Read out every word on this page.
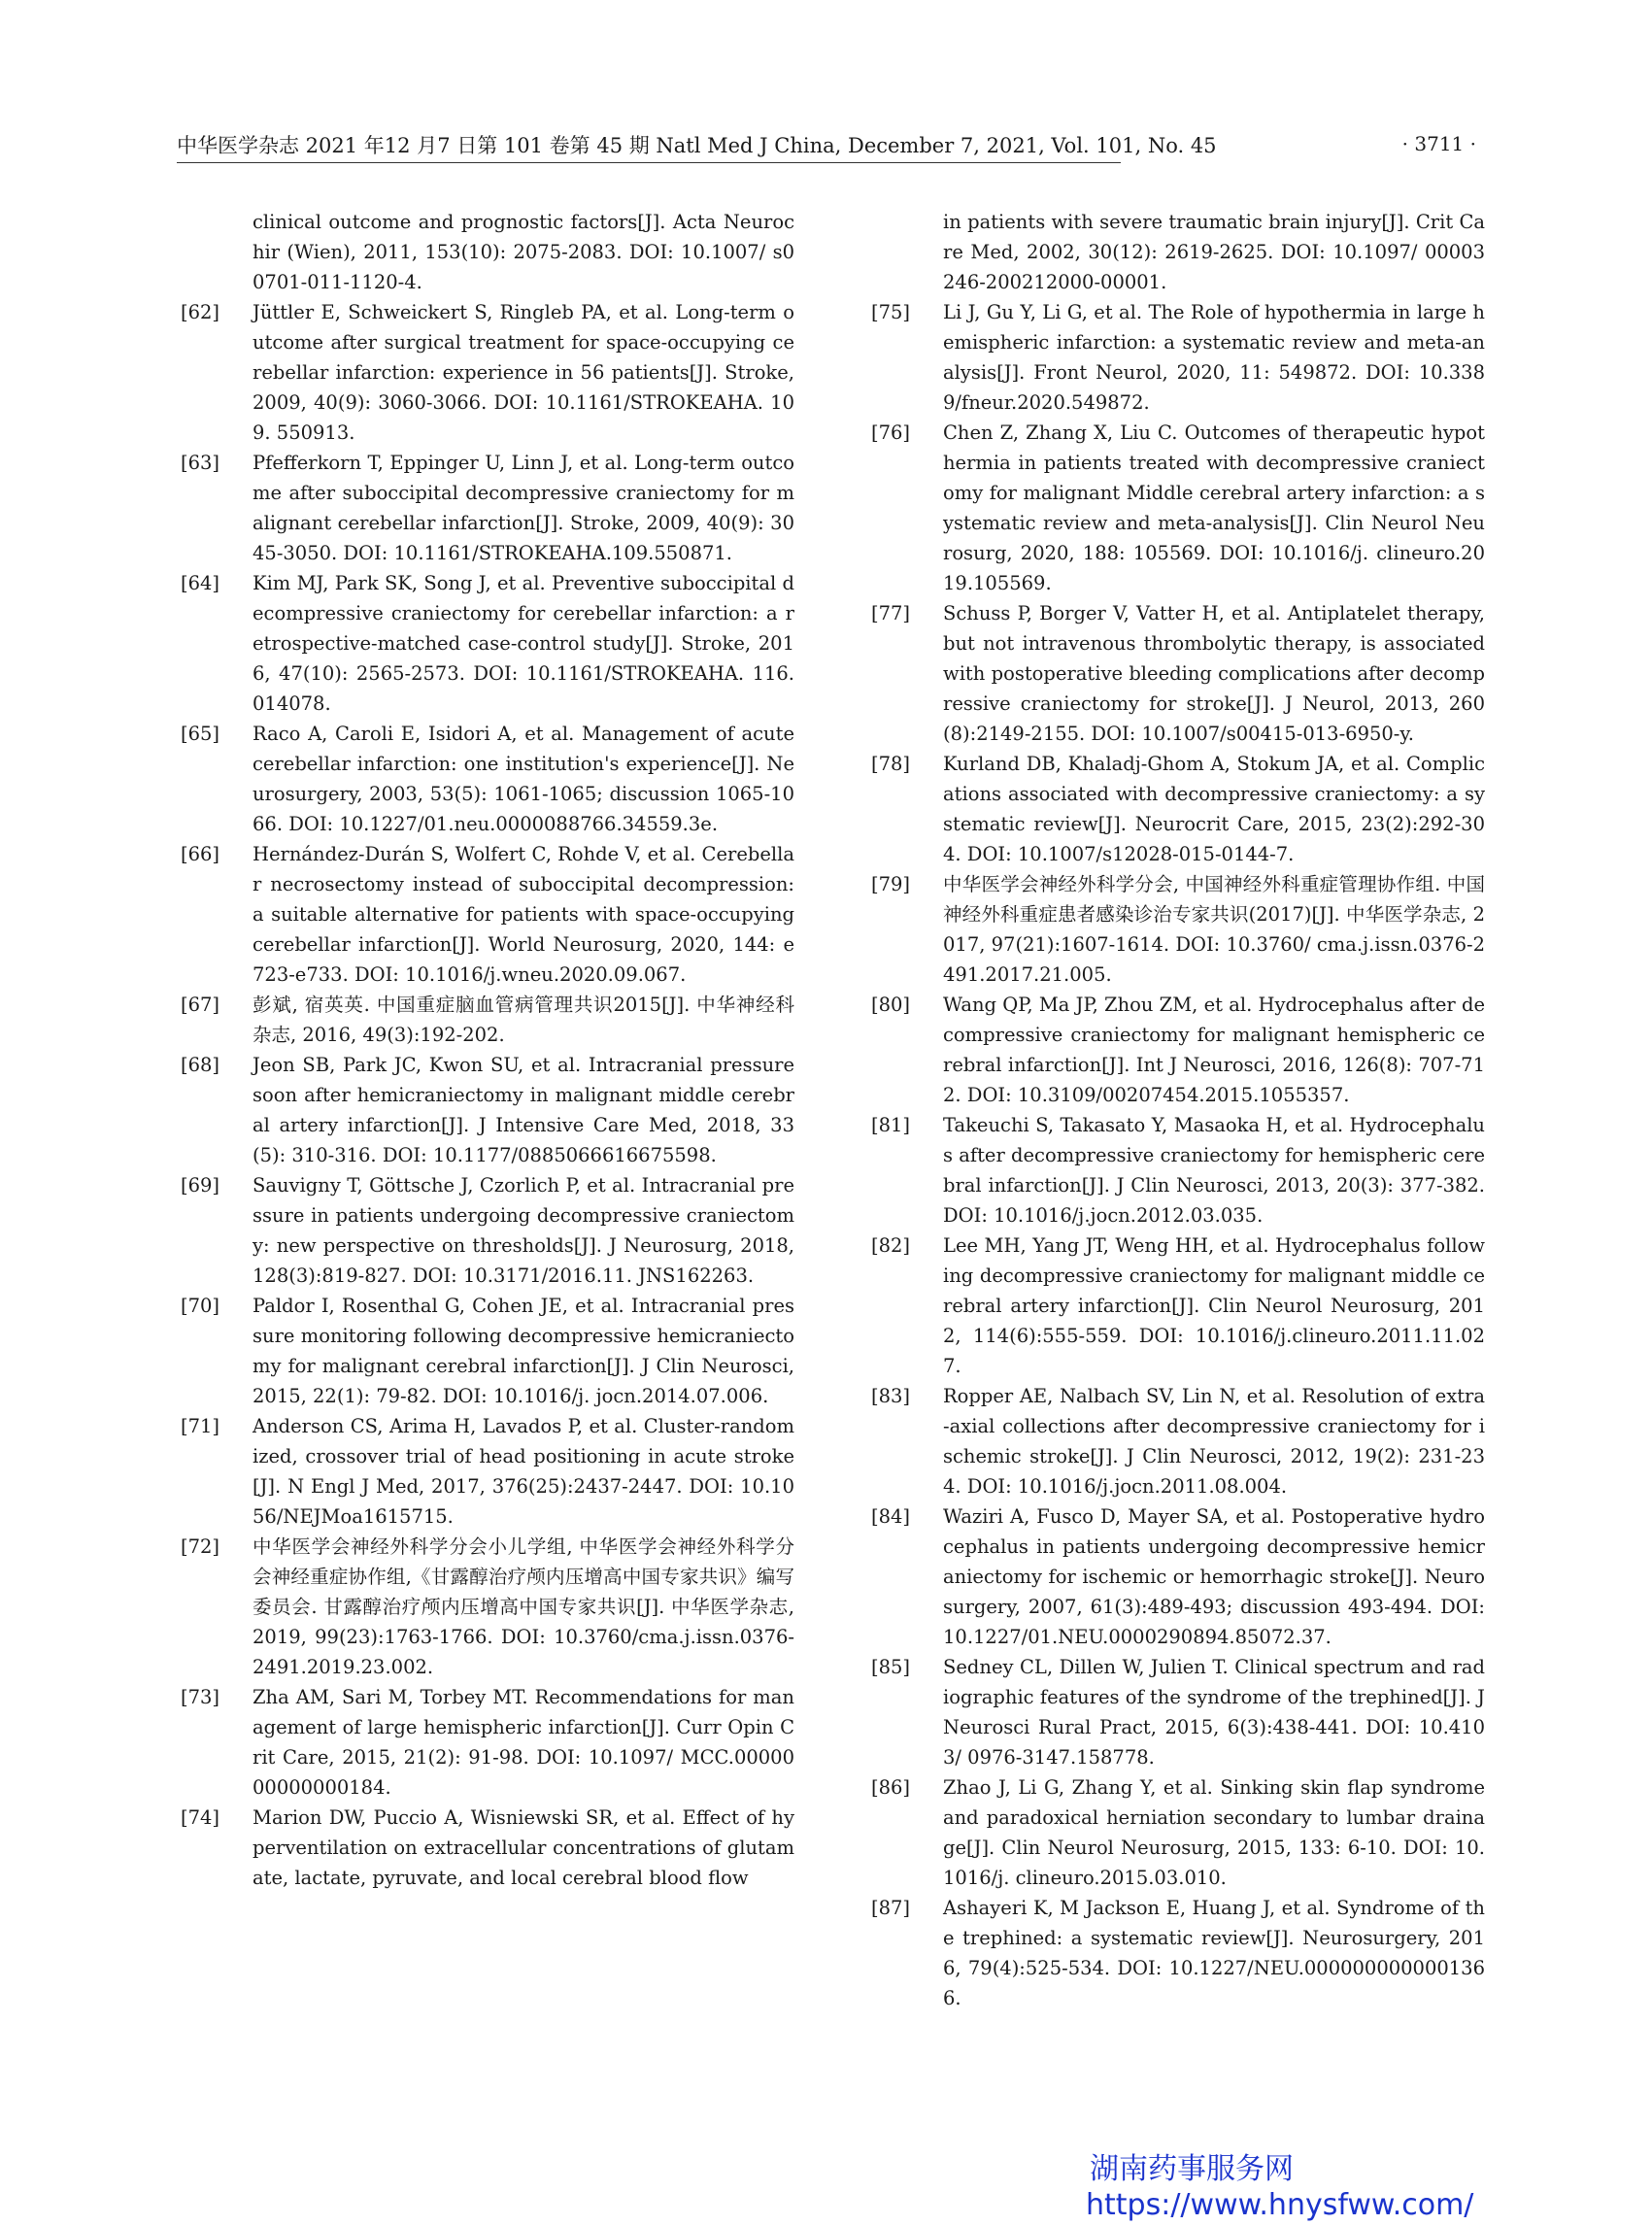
中华医学杂志 2021 年12 月7 日第 101 卷第 45 期 Natl Med J China, December 7, 2021, Vol. 101, No. 45	· 3711 ·
clinical outcome and prognostic factors[J]. Acta Neurochir (Wien), 2011, 153(10): 2075-2083. DOI: 10.1007/ s00701-011-1120-4.
[62]	Jüttler E, Schweickert S, Ringleb PA, et al. Long-term outcome after surgical treatment for space-occupying cerebellar infarction: experience in 56 patients[J]. Stroke, 2009, 40(9): 3060-3066. DOI: 10.1161/STROKEAHA. 109. 550913.
[63]	Pfefferkorn T, Eppinger U, Linn J, et al. Long-term outcome after suboccipital decompressive craniectomy for malignant cerebellar infarction[J]. Stroke, 2009, 40(9): 3045-3050. DOI: 10.1161/STROKEAHA.109.550871.
[64]	Kim MJ, Park SK, Song J, et al. Preventive suboccipital decompressive craniectomy for cerebellar infarction: a retrospective-matched case-control study[J]. Stroke, 2016, 47(10): 2565-2573. DOI: 10.1161/STROKEAHA. 116. 014078.
[65]	Raco A, Caroli E, Isidori A, et al. Management of acute cerebellar infarction: one institution's experience[J]. Neurosurgery, 2003, 53(5): 1061-1065; discussion 1065-1066. DOI: 10.1227/01.neu.0000088766.34559.3e.
[66]	Hernández-Durán S, Wolfert C, Rohde V, et al. Cerebellar necrosectomy instead of suboccipital decompression: a suitable alternative for patients with space-occupying cerebellar infarction[J]. World Neurosurg, 2020, 144: e723-e733. DOI: 10.1016/j.wneu.2020.09.067.
[67]	彭斌, 宿英英. 中国重症脑血管病管理共识2015[J]. 中华神经科杂志, 2016, 49(3):192-202.
[68]	Jeon SB, Park JC, Kwon SU, et al. Intracranial pressure soon after hemicraniectomy in malignant middle cerebral artery infarction[J]. J Intensive Care Med, 2018, 33(5): 310-316. DOI: 10.1177/0885066616675598.
[69]	Sauvigny T, Göttsche J, Czorlich P, et al. Intracranial pressure in patients undergoing decompressive craniectomy: new perspective on thresholds[J]. J Neurosurg, 2018, 128(3):819-827. DOI: 10.3171/2016.11. JNS162263.
[70]	Paldor I, Rosenthal G, Cohen JE, et al. Intracranial pressure monitoring following decompressive hemicraniectomy for malignant cerebral infarction[J]. J Clin Neurosci, 2015, 22(1): 79-82. DOI: 10.1016/j. jocn.2014.07.006.
[71]	Anderson CS, Arima H, Lavados P, et al. Cluster-randomized, crossover trial of head positioning in acute stroke[J]. N Engl J Med, 2017, 376(25):2437-2447. DOI: 10.1056/NEJMoa1615715.
[72]	中华医学会神经外科学分会小儿学组, 中华医学会神经外科学分会神经重症协作组,《甘露醇治疗颅内压增高中国专家共识》编写委员会. 甘露醇治疗颅内压增高中国专家共识[J]. 中华医学杂志, 2019, 99(23):1763-1766. DOI: 10.3760/cma.j.issn.0376-2491.2019.23.002.
[73]	Zha AM, Sari M, Torbey MT. Recommendations for management of large hemispheric infarction[J]. Curr Opin Crit Care, 2015, 21(2): 91-98. DOI: 10.1097/ MCC.0000000000000184.
[74]	Marion DW, Puccio A, Wisniewski SR, et al. Effect of hyperventilation on extracellular concentrations of glutamate, lactate, pyruvate, and local cerebral blood flow
in patients with severe traumatic brain injury[J]. Crit Care Med, 2002, 30(12): 2619-2625. DOI: 10.1097/ 00003246-200212000-00001.
[75]	Li J, Gu Y, Li G, et al. The Role of hypothermia in large hemispheric infarction: a systematic review and meta-analysis[J]. Front Neurol, 2020, 11: 549872. DOI: 10.3389/fneur.2020.549872.
[76]	Chen Z, Zhang X, Liu C. Outcomes of therapeutic hypothermia in patients treated with decompressive craniectomy for malignant Middle cerebral artery infarction: a systematic review and meta-analysis[J]. Clin Neurol Neurosurg, 2020, 188: 105569. DOI: 10.1016/j. clineuro.2019.105569.
[77]	Schuss P, Borger V, Vatter H, et al. Antiplatelet therapy, but not intravenous thrombolytic therapy, is associated with postoperative bleeding complications after decompressive craniectomy for stroke[J]. J Neurol, 2013, 260(8):2149-2155. DOI: 10.1007/s00415-013-6950-y.
[78]	Kurland DB, Khaladj-Ghom A, Stokum JA, et al. Complications associated with decompressive craniectomy: a systematic review[J]. Neurocrit Care, 2015, 23(2):292-304. DOI: 10.1007/s12028-015-0144-7.
[79]	中华医学会神经外科学分会, 中国神经外科重症管理协作组. 中国神经外科重症患者感染诊治专家共识(2017)[J]. 中华医学杂志, 2017, 97(21):1607-1614. DOI: 10.3760/ cma.j.issn.0376-2491.2017.21.005.
[80]	Wang QP, Ma JP, Zhou ZM, et al. Hydrocephalus after decompressive craniectomy for malignant hemispheric cerebral infarction[J]. Int J Neurosci, 2016, 126(8): 707-712. DOI: 10.3109/00207454.2015.1055357.
[81]	Takeuchi S, Takasato Y, Masaoka H, et al. Hydrocephalus after decompressive craniectomy for hemispheric cerebral infarction[J]. J Clin Neurosci, 2013, 20(3): 377-382. DOI: 10.1016/j.jocn.2012.03.035.
[82]	Lee MH, Yang JT, Weng HH, et al. Hydrocephalus following decompressive craniectomy for malignant middle cerebral artery infarction[J]. Clin Neurol Neurosurg, 2012, 114(6):555-559. DOI: 10.1016/j.clineuro.2011.11.027.
[83]	Ropper AE, Nalbach SV, Lin N, et al. Resolution of extra-axial collections after decompressive craniectomy for ischemic stroke[J]. J Clin Neurosci, 2012, 19(2): 231-234. DOI: 10.1016/j.jocn.2011.08.004.
[84]	Waziri A, Fusco D, Mayer SA, et al. Postoperative hydrocephalus in patients undergoing decompressive hemicraniectomy for ischemic or hemorrhagic stroke[J]. Neurosurgery, 2007, 61(3):489-493; discussion 493-494. DOI: 10.1227/01.NEU.0000290894.85072.37.
[85]	Sedney CL, Dillen W, Julien T. Clinical spectrum and radiographic features of the syndrome of the trephined[J]. J Neurosci Rural Pract, 2015, 6(3):438-441. DOI: 10.4103/ 0976-3147.158778.
[86]	Zhao J, Li G, Zhang Y, et al. Sinking skin flap syndrome and paradoxical herniation secondary to lumbar drainage[J]. Clin Neurol Neurosurg, 2015, 133: 6-10. DOI: 10.1016/j. clineuro.2015.03.010.
[87]	Ashayeri K, M Jackson E, Huang J, et al. Syndrome of the trephined: a systematic review[J]. Neurosurgery, 2016, 79(4):525-534. DOI: 10.1227/NEU.0000000000001366.
湖南药事服务网
https://www.hnysfww.com/
